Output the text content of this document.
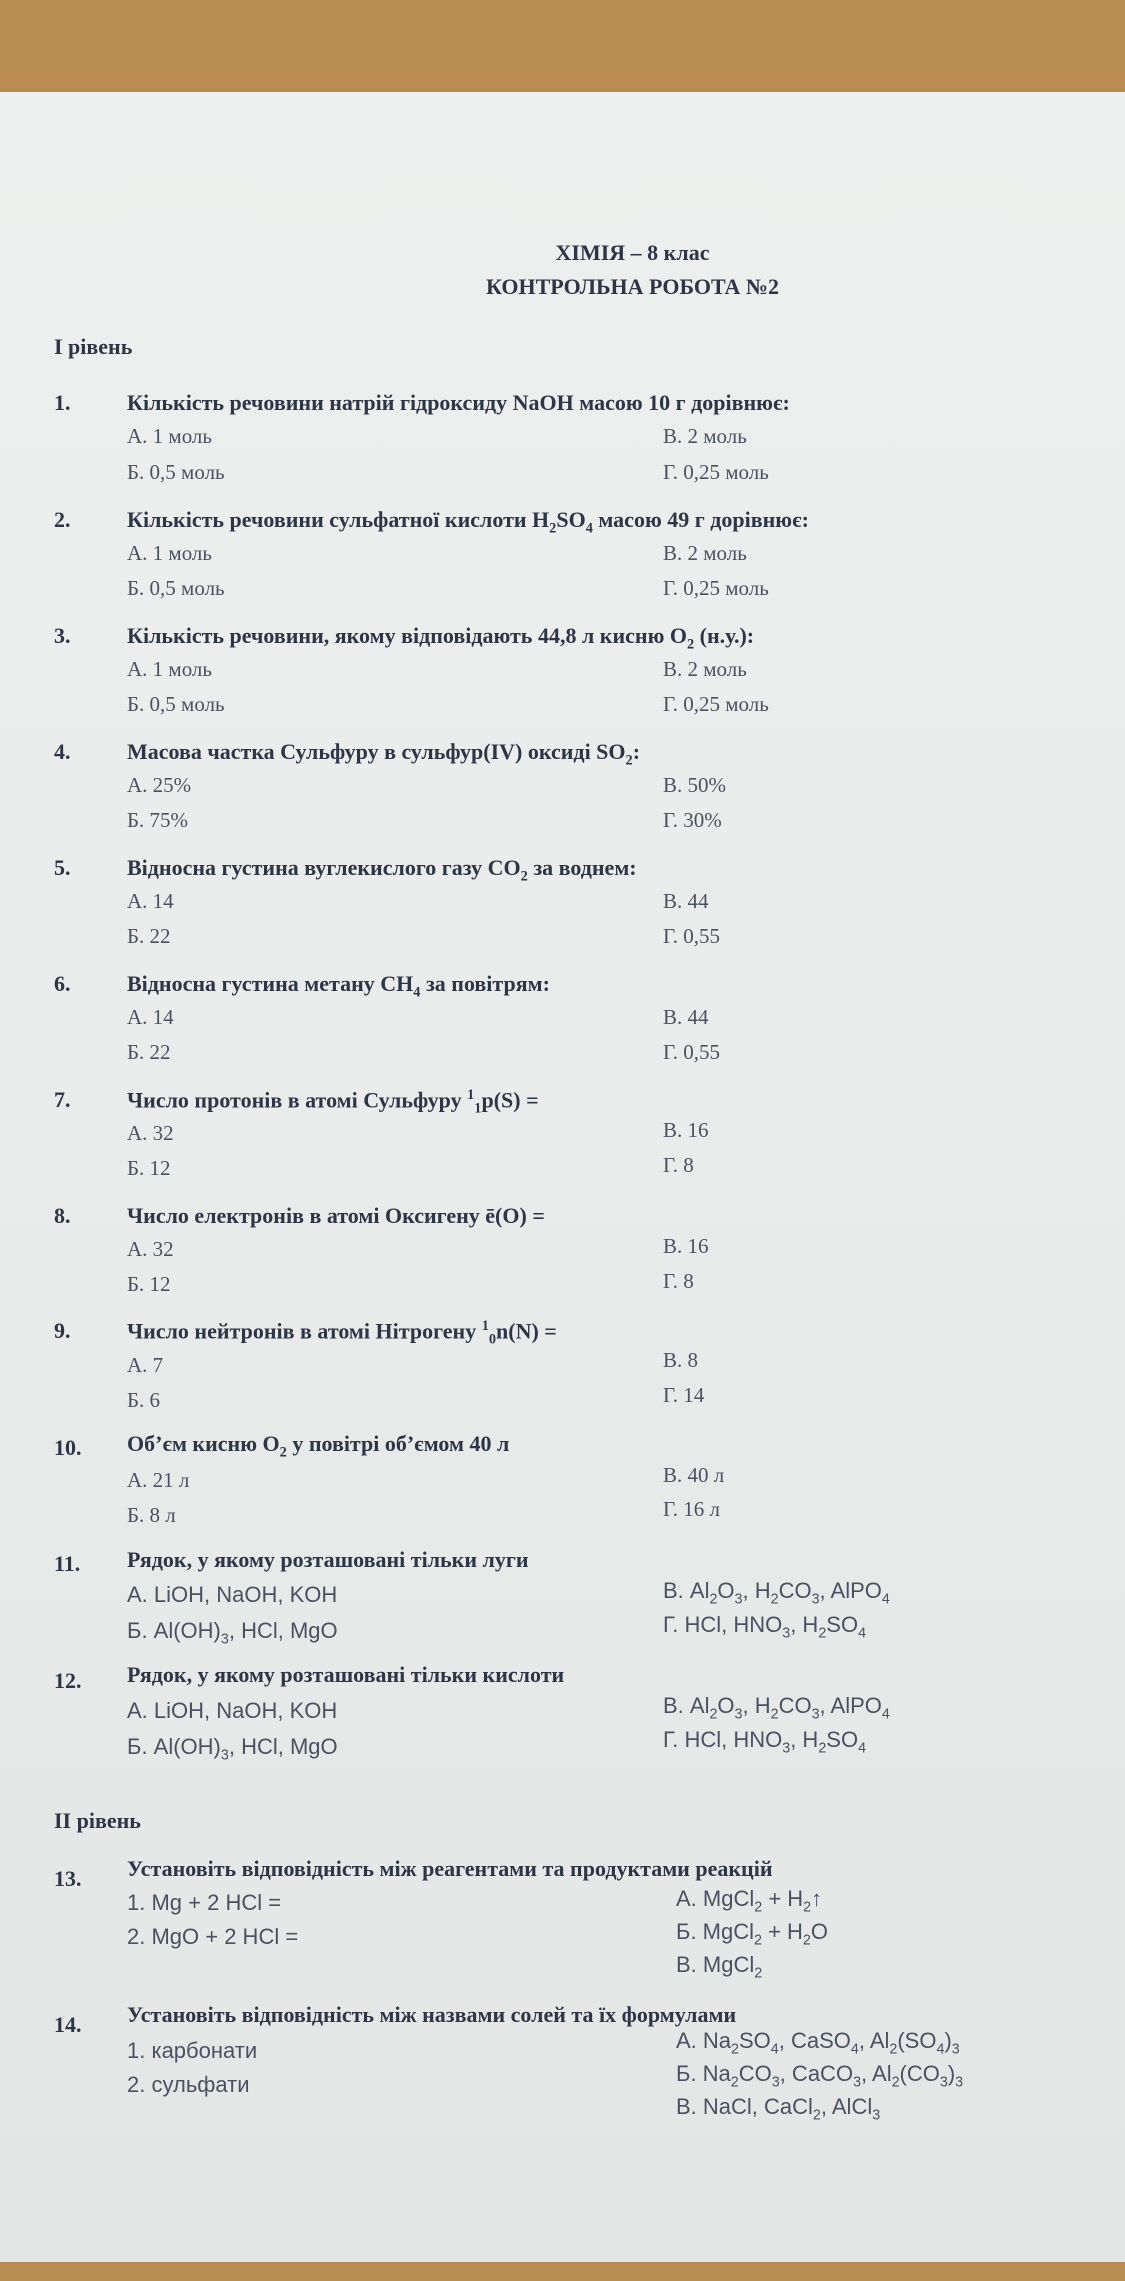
ХІМІЯ – 8 клас
КОНТРОЛЬНА РОБОТА №2
І рівень
1.	Кількість речовини натрій гідроксиду NaOH масою 10 г дорівнює:
А. 1 моль	В. 2 моль
Б. 0,5 моль	Г. 0,25 моль
2.	Кількість речовини сульфатної кислоти $H_2SO_4$ масою 49 г дорівнює:
А. 1 моль	В. 2 моль
Б. 0,5 моль	Г. 0,25 моль
3.	Кількість речовини, якому відповідають 44,8 л кисню $O_2$ (н.у.):
А. 1 моль	В. 2 моль
Б. 0,5 моль	Г. 0,25 моль
4.	Масова частка Сульфуру в сульфур(IV) оксиді $SO_2$:
А. 25%	В. 50%
Б. 75%	Г. 30%
5.	Відносна густина вуглекислого газу $CO_2$ за воднем:
А. 14	В. 44
Б. 22	Г. 0,55
6.	Відносна густина метану $CH_4$ за повітрям:
А. 14	В. 44
Б. 22	Г. 0,55
7.	Число протонів в атомі Сульфуру $^1_1$p(S) =
А. 32	В. 16
Б. 12	Г. 8
8.	Число електронів в атомі Оксигену ē(O) =
А. 32	В. 16
Б. 12	Г. 8
9.	Число нейтронів в атомі Нітрогену $^1_0$n(N) =
А. 7	В. 8
Б. 6	Г. 14
10. Об’єм кисню $O_2$ у повітрі об’ємом 40 л
А. 21 л	В. 40 л
Б. 8 л	Г. 16 л
11. Рядок, у якому розташовані тільки луги
А. LiOH, NaOH, KOH	В. $Al_2O_3$, $H_2CO_3$, AlPO$_4$
Б. $Al(OH)_3$, HCl, MgO	Г. HCl, $HNO_3$, $H_2SO_4$
12. Рядок, у якому розташовані тільки кислоти
А. LiOH, NaOH, KOH	В. $Al_2O_3$, $H_2CO_3$, AlPO$_4$
Б. $Al(OH)_3$, HCl, MgO	Г. HCl, $HNO_3$, $H_2SO_4$
ІІ рівень
13. Установіть відповідність між реагентами та продуктами реакцій
1. Mg + 2 HCl =
2. MgO + 2 HCl =
А. MgCl$_2$ + $H_2↑$
Б. MgCl$_2$ + $H_2O$
В. MgCl$_2$
14. Установіть відповідність між назвами солей та їх формулами
1. карбонати
2. сульфати
А. $Na_2SO_4$, CaSO$_4$, $Al_2(SO_4)_3$
Б. $Na_2CO_3$, CaCO$_3$, $Al_2(CO_3)_3$
В. NaCl, CaCl$_2$, AlCl$_3$
